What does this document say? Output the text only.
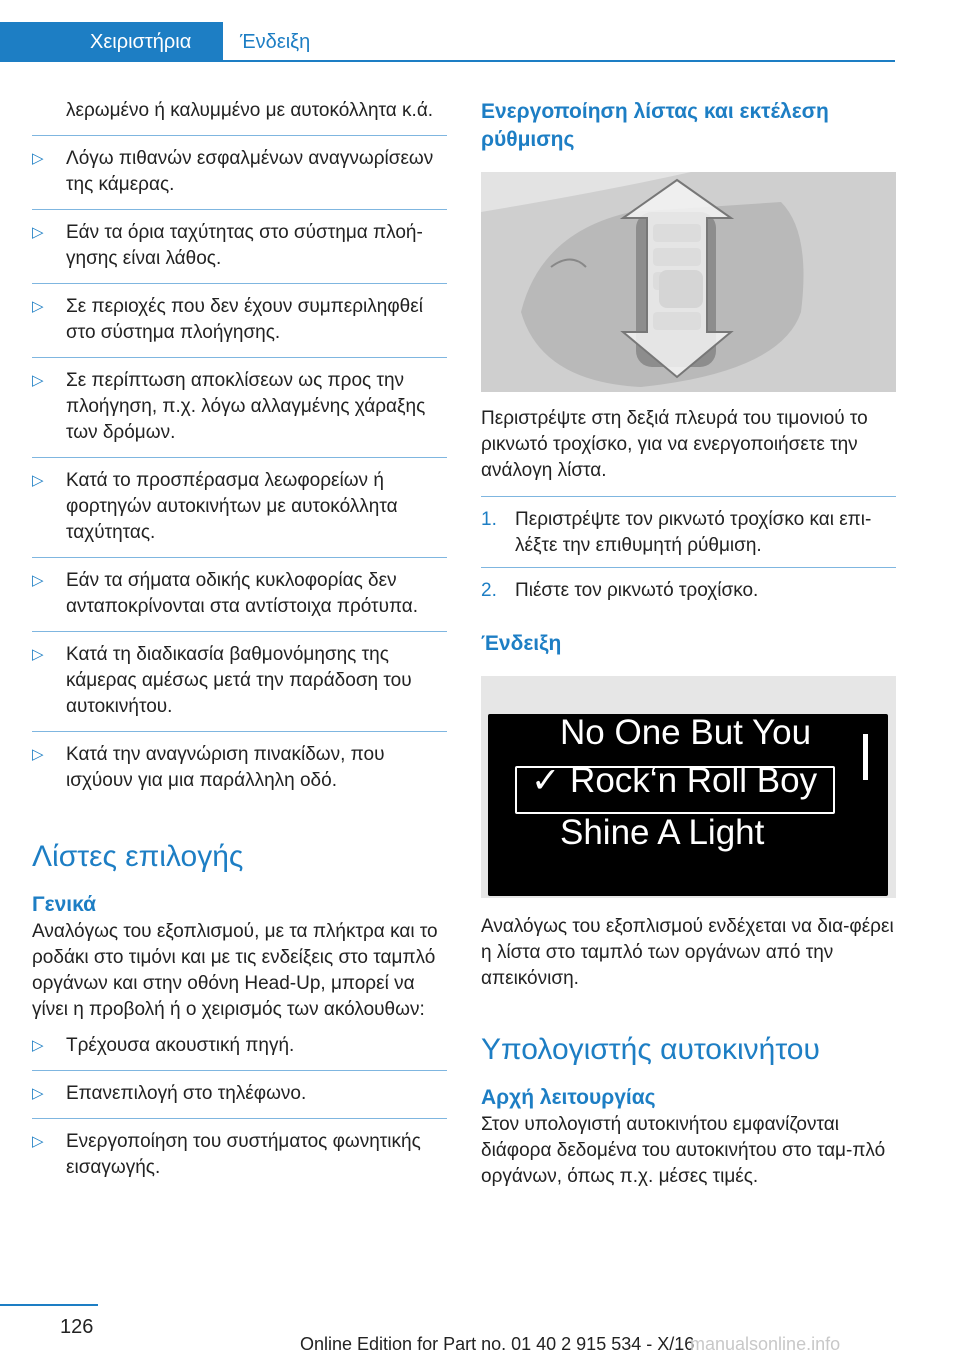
Χειριστήρια	Ένδειξη
λερωμένο ή καλυμμένο με αυτοκόλλητα κ.ά.
▷ Λόγω πιθανών εσφαλμένων αναγνωρίσεων της κάμερας.
▷ Εάν τα όρια ταχύτητας στο σύστημα πλοή-γησης είναι λάθος.
▷ Σε περιοχές που δεν έχουν συμπεριληφθεί στο σύστημα πλοήγησης.
▷ Σε περίπτωση αποκλίσεων ως προς την πλοήγηση, π.χ. λόγω αλλαγμένης χάραξης των δρόμων.
▷ Κατά το προσπέρασμα λεωφορείων ή φορτηγών αυτοκινήτων με αυτοκόλλητα ταχύτητας.
▷ Εάν τα σήματα οδικής κυκλοφορίας δεν ανταποκρίνονται στα αντίστοιχα πρότυπα.
▷ Κατά τη διαδικασία βαθμονόμησης της κάμερας αμέσως μετά την παράδοση του αυτοκινήτου.
▷ Κατά την αναγνώριση πινακίδων, που ισχύουν για μια παράλληλη οδό.
Λίστες επιλογής
Γενικά

Αναλόγως του εξοπλισμού, με τα πλήκτρα και το ροδάκι στο τιμόνι και με τις ενδείξεις στο ταμπλό οργάνων και στην οθόνη Head-Up, μπορεί να γίνει η προβολή ή ο χειρισμός των ακόλουθων:

▷ Τρέχουσα ακουστική πηγή.
▷ Επανεπιλογή στο τηλέφωνο.
▷ Ενεργοποίηση του συστήματος φωνητικής εισαγωγής.
Ενεργοποίηση λίστας και εκτέλεση ρύθμισης

Περιστρέψτε στη δεξιά πλευρά του τιμονιού το ρικνωτό τροχίσκο, για να ενεργοποιήσετε την ανάλογη λίστα.

1. Περιστρέψτε τον ρικνωτό τροχίσκο και επι-λέξτε την επιθυμητή ρύθμιση.
2. Πιέστε τον ρικνωτό τροχίσκο.
Ένδειξη
No One But You
✓ Rock‘n Roll Boy
Shine A Light

Αναλόγως του εξοπλισμού ενδέχεται να δια-φέρει η λίστα στο ταμπλό των οργάνων από την απεικόνιση.

Υπολογιστής αυτοκινήτου
Αρχή λειτουργίας

Στον υπολογιστή αυτοκινήτου εμφανίζονται διάφορα δεδομένα του αυτοκινήτου στο ταμ-πλό οργάνων, όπως π.χ. μέσες τιμές.

126
Online Edition for Part no. 01 40 2 915 534 - X/16
manualsonline.info
